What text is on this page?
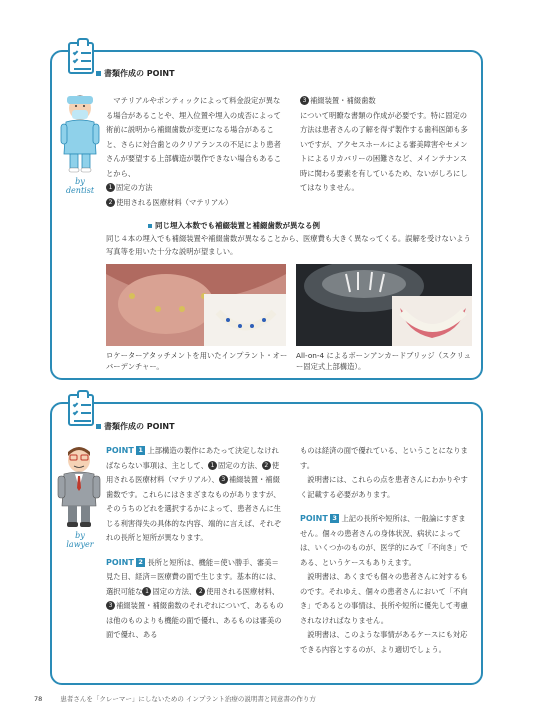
書類作成の POINT
by
dentist

マテリアルやポンティックによって料金設定が異なる場合があることや、埋入位置や埋入の成否によって術前に説明から補綴歯数が変更になる場合があること、さらに対合歯とのクリアランスの不足により患者さんが要望する上部構造が製作できない場合もあることから、

1 固定の方法

2 使用される医療材料（マテリアル）

3 補綴装置・補綴歯数

について明瞭な書類の作成が必要です。特に固定の方法は患者さんの了解を得ず製作する歯科医師も多いですが、アクセスホールによる審美障害やセメントによるリカバリーの困難さなど、メインテナンス時に関わる要素を有しているため、ないがしろにしてはなりません。

同じ埋入本数でも補綴装置と補綴歯数が異なる例
同じ４本の埋入でも補綴装置や補綴歯数が異なることから、医療費も大きく異なってくる。誤解を受けないよう写真等を用いた十分な説明が望ましい。
ロケーターアタッチメントを用いたインプラント・オーバーデンチャー。
All-on-4 によるボーンアンカードブリッジ（スクリュー固定式上部構造）。
書類作成の POINT
by
lawyer

POINT 1 上部構造の製作にあたって決定しなければならない事項は、主として、 1 固定の方法、 2 使用される医療材料（マテリアル）、 3 補綴装置・補綴歯数です。これらにはさまざまなものがありますが、そのうちのどれを選択するかによって、患者さんに生じる利害得失の具体的な内容、端的に言えば、それぞれの長所と短所が異なります。

POINT 2 長所と短所は、機能＝使い勝手、審美＝見た目、経済＝医療費の面で生じます。基本的には、選択可能な 1 固定の方法、 2 使用される医療材料、3 補綴装置・補綴歯数のそれぞれについて、あるものは他のものよりも機能の面で優れ、あるものは審美の面で優れ、ある

ものは経済の面で優れている、ということになります。

説明書には、これらの点を患者さんにわかりやすく記載する必要があります。

POINT 3 上記の長所や短所は、一般論にすぎません。個々の患者さんの身体状況、病状によっては、いくつかのものが、医学的にみて「不向き」である、というケースもありえます。

説明書は、あくまでも個々の患者さんに対するものです。それゆえ、個々の患者さんにおいて「不向き」であるとの事情は、長所や短所に優先して考慮されなければなりません。

説明書は、このような事情があるケースにも対応できる内容とするのが、より適切でしょう。

78	患者さんを「クレーマー」にしないための インプラント治療の説明書と同意書の作り方
